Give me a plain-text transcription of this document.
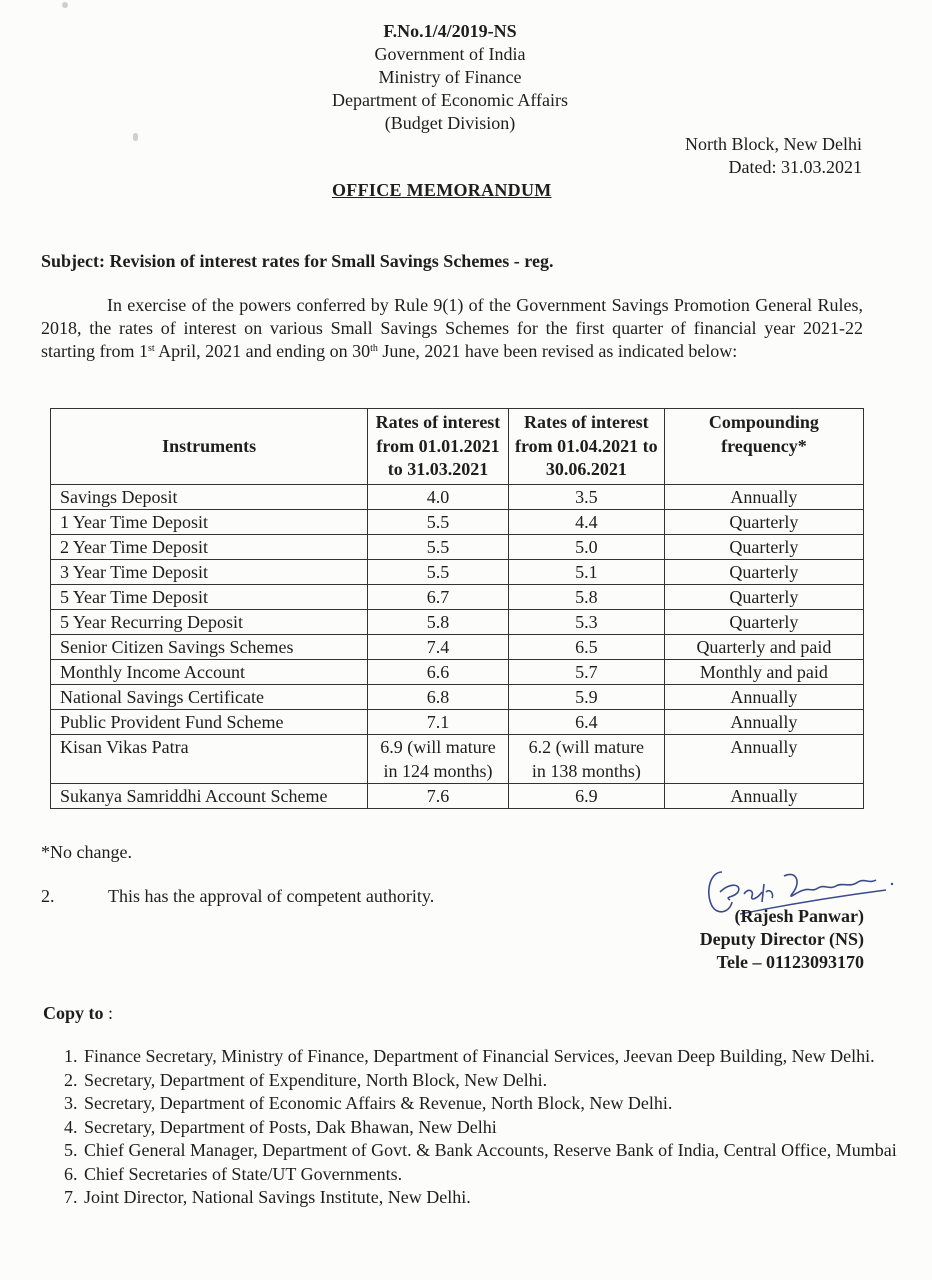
F.No.1/4/2019-NS
Government of India
Ministry of Finance
Department of Economic Affairs
(Budget Division)
North Block, New Delhi
Dated: 31.03.2021
OFFICE MEMORANDUM
Subject: Revision of interest rates for Small Savings Schemes - reg.
In exercise of the powers conferred by Rule 9(1) of the Government Savings Promotion General Rules, 2018, the rates of interest on various Small Savings Schemes for the first quarter of financial year 2021-22 starting from 1st April, 2021 and ending on 30th June, 2021 have been revised as indicated below:
Instruments	Rates of interest from 01.01.2021 to 31.03.2021	Rates of interest from 01.04.2021 to 30.06.2021	Compounding frequency*
Savings Deposit	4.0	3.5	Annually
1 Year Time Deposit	5.5	4.4	Quarterly
2 Year Time Deposit	5.5	5.0	Quarterly
3 Year Time Deposit	5.5	5.1	Quarterly
5 Year Time Deposit	6.7	5.8	Quarterly
5 Year Recurring Deposit	5.8	5.3	Quarterly
Senior Citizen Savings Schemes	7.4	6.5	Quarterly and paid
Monthly Income Account	6.6	5.7	Monthly and paid
National Savings Certificate	6.8	5.9	Annually
Public Provident Fund Scheme	7.1	6.4	Annually
Kisan Vikas Patra	6.9 (will mature in 124 months)	6.2 (will mature in 138 months)	Annually
Sukanya Samriddhi Account Scheme	7.6	6.9	Annually
*No change.
2.	This has the approval of competent authority.
(Rajesh Panwar)
Deputy Director (NS)
Tele – 01123093170
Copy to :
1. Finance Secretary, Ministry of Finance, Department of Financial Services, Jeevan Deep Building, New Delhi.
2. Secretary, Department of Expenditure, North Block, New Delhi.
3. Secretary, Department of Economic Affairs & Revenue, North Block, New Delhi.
4. Secretary, Department of Posts, Dak Bhawan, New Delhi
5. Chief General Manager, Department of Govt. & Bank Accounts, Reserve Bank of India, Central Office, Mumbai
6. Chief Secretaries of State/UT Governments.
7. Joint Director, National Savings Institute, New Delhi.
